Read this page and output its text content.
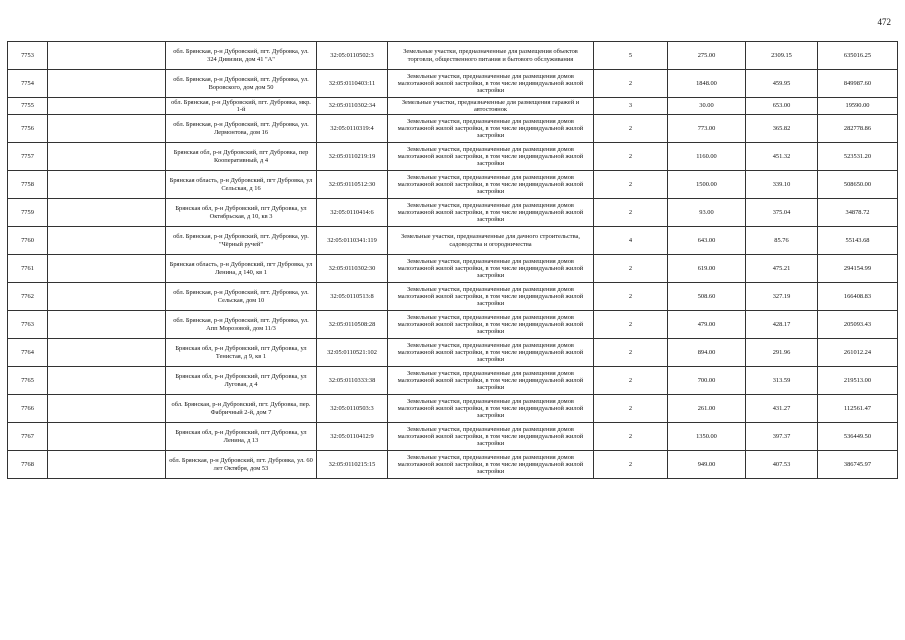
472
7753		обл. Брянская, р-н Дубровский, пгт. Дубровка, ул. 324 Дивизии, дом 41 "А"	32:05:0110502:3	Земельные участки, предназначенные для размещения объектов торговли, общественного питания и бытового обслуживания	5	275.00	2309.15	635016.25
7754		обл. Брянская, р-н Дубровский, пгт. Дубровка, ул. Воровского, дом дом 50	32:05:0110403:11	Земельные участки, предназначенные для размещения домов малоэтажной жилой застройки, в том числе индивидуальной жилой застройки	2	1848.00	459.95	849987.60
7755		обл. Брянская, р-н Дубровский, пгт. Дубровка, мкр. 1-й	32:05:0110302:34	Земельные участки, предназначенные для размещения гаражей и автостоянок	3	30.00	653.00	19590.00
7756		обл. Брянская, р-н Дубровский, пгт. Дубровка, ул. Лермонтова, дом 16	32:05:0110319:4	Земельные участки, предназначенные для размещения домов малоэтажной жилой застройки, в том числе индивидуальной жилой застройки	2	773.00	365.82	282778.86
7757		Брянская обл, р-н Дубровский, пгт Дубровка, пер Кооперативный, д 4	32:05:0110219:19	Земельные участки, предназначенные для размещения домов малоэтажной жилой застройки, в том числе индивидуальной жилой застройки	2	1160.00	451.32	523531.20
7758		Брянская область, р-н Дубровский, пгт Дубровка, ул Сельская, д 16	32:05:0110512:30	Земельные участки, предназначенные для размещения домов малоэтажной жилой застройки, в том числе индивидуальной жилой застройки	2	1500.00	339.10	508650.00
7759		Брянская обл, р-н Дубровский, пгт Дубровка, ул Октябрьская, д 10, кв 3	32:05:0110414:6	Земельные участки, предназначенные для размещения домов малоэтажной жилой застройки, в том числе индивидуальной жилой застройки	2	93.00	375.04	34878.72
7760		обл. Брянская, р-н Дубровский, пгт. Дубровка, ур. "Чёрный ручей"	32:05:0110341:119	Земельные участки, предназначенные для дачного строительства, садоводства и огородничества	4	643.00	85.76	55143.68
7761		Брянская область, р-н Дубровский, пгт Дубровка, ул Ленина, д 140, кв 1	32:05:0110302:30	Земельные участки, предназначенные для размещения домов малоэтажной жилой застройки, в том числе индивидуальной жилой застройки	2	619.00	475.21	294154.99
7762		обл. Брянская, р-н Дубровский, пгт. Дубровка, ул. Сельская, дом 10	32:05:0110513:8	Земельные участки, предназначенные для размещения домов малоэтажной жилой застройки, в том числе индивидуальной жилой застройки	2	508.60	327.19	166408.83
7763		обл. Брянская, р-н Дубровский, пгт. Дубровка, ул. Апп Морозовой, дом 11/3	32:05:0110508:28	Земельные участки, предназначенные для размещения домов малоэтажной жилой застройки, в том числе индивидуальной жилой застройки	2	479.00	428.17	205093.43
7764		Брянская обл, р-н Дубровский, пгт Дубровка, ул Тенистая, д 9, кв 1	32:05:0110521:102	Земельные участки, предназначенные для размещения домов малоэтажной жилой застройки, в том числе индивидуальной жилой застройки	2	894.00	291.96	261012.24
7765		Брянская обл, р-н Дубровский, пгт Дубровка, ул Луговая, д 4	32:05:0110333:38	Земельные участки, предназначенные для размещения домов малоэтажной жилой застройки, в том числе индивидуальной жилой застройки	2	700.00	313.59	219513.00
7766		обл. Брянская, р-н Дубровский, пгт. Дубровка, пер. Фабричный 2-й, дом 7	32:05:0110503:3	Земельные участки, предназначенные для размещения домов малоэтажной жилой застройки, в том числе индивидуальной жилой застройки	2	261.00	431.27	112561.47
7767		Брянская обл, р-н Дубровский, пгт Дубровка, ул Ленина, д 13	32:05:0110412:9	Земельные участки, предназначенные для размещения домов малоэтажной жилой застройки, в том числе индивидуальной жилой застройки	2	1350.00	397.37	536449.50
7768		обл. Брянская, р-н Дубровский, пгт. Дубровка, ул. 60 лет Октября, дом 53	32:05:0110215:15	Земельные участки, предназначенные для размещения домов малоэтажной жилой застройки, в том числе индивидуальной жилой застройки	2	949.00	407.53	386745.97
